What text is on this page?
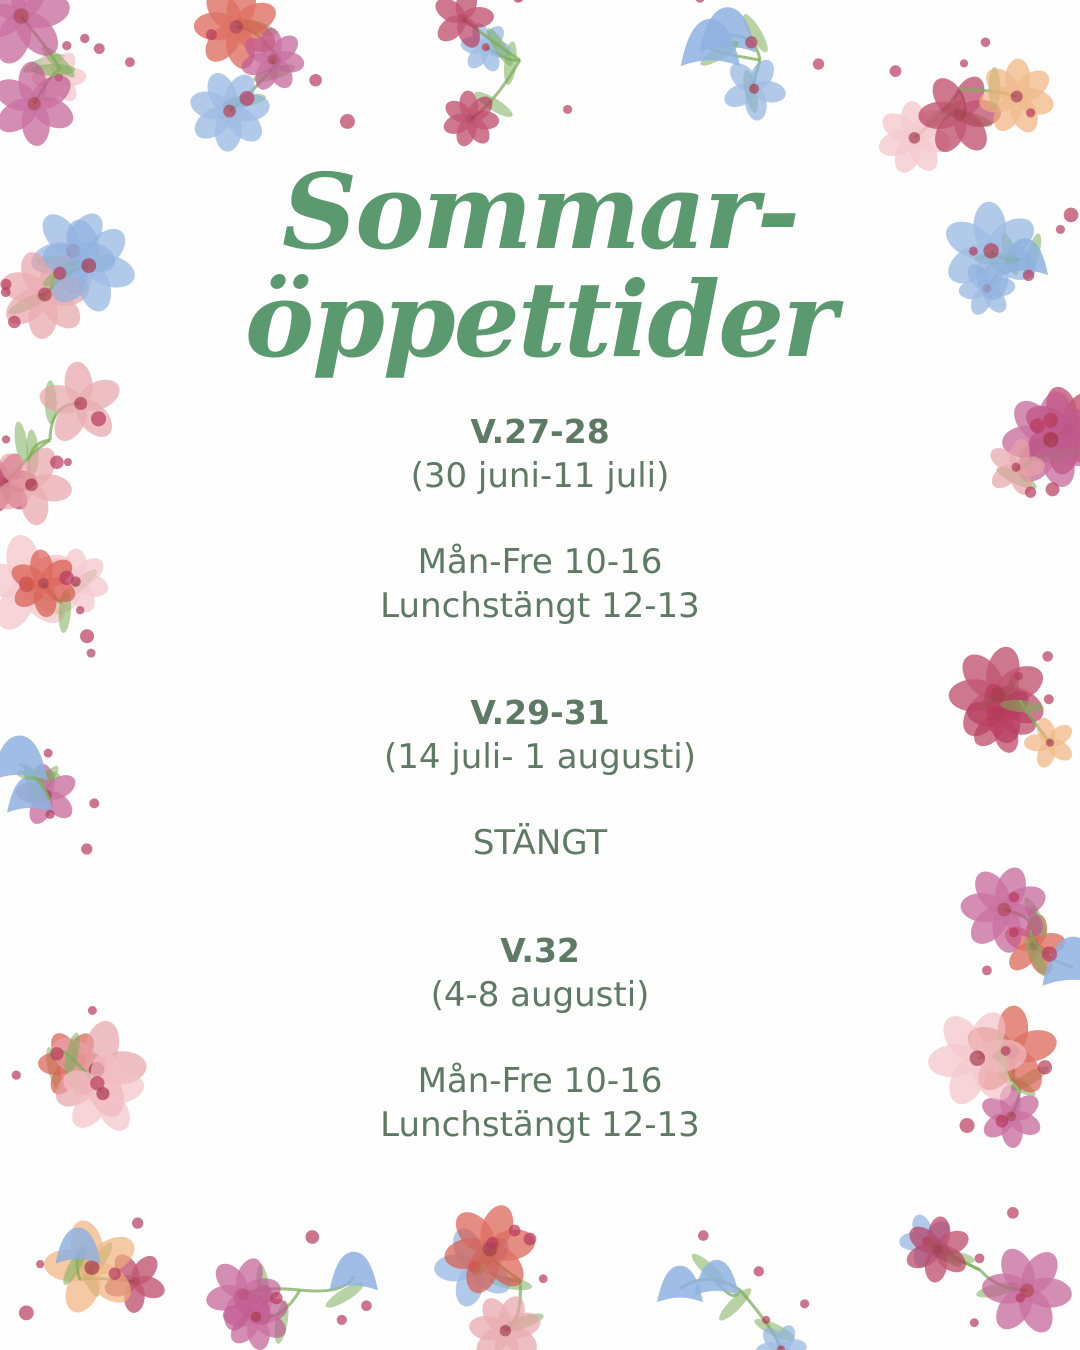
Sommar-
öppettider
V.27-28
(30 juni-11 juli)
Mån-Fre 10-16
Lunchstängt 12-13
V.29-31
(14 juli- 1 augusti)
STÄNGT
V.32
(4-8 augusti)
Mån-Fre 10-16
Lunchstängt 12-13
